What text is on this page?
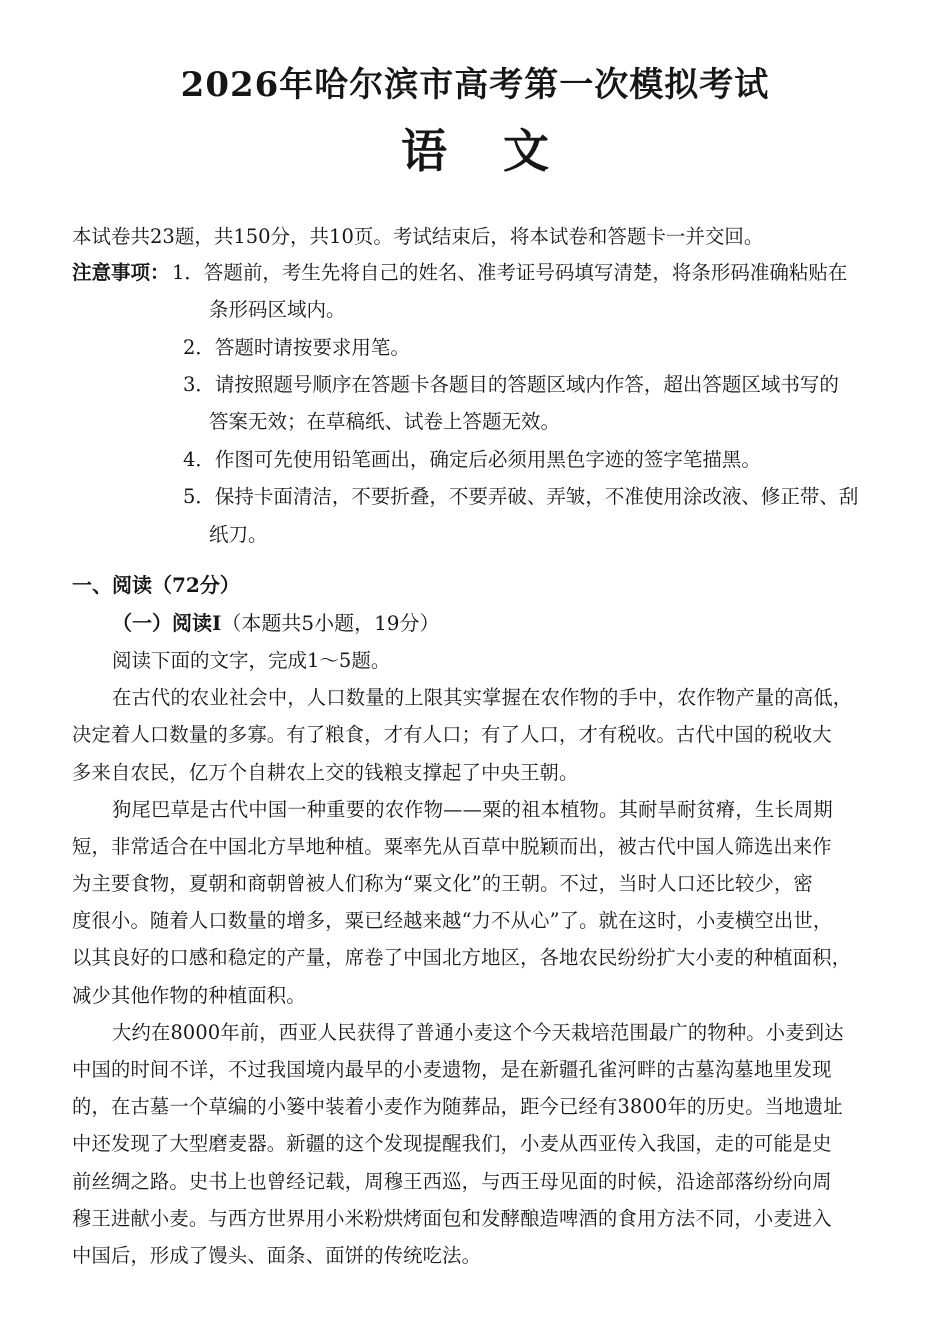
2026年哈尔滨市高考第一次模拟考试
语 文
本试卷共23题，共150分，共10页。考试结束后，将本试卷和答题卡一并交回。
注意事项： 1．答题前，考生先将自己的姓名、准考证号码填写清楚，将条形码准确粘贴在
条形码区域内。
2．答题时请按要求用笔。
3．请按照题号顺序在答题卡各题目的答题区域内作答，超出答题区域书写的
答案无效；在草稿纸、试卷上答题无效。
4．作图可先使用铅笔画出，确定后必须用黑色字迹的签字笔描黑。
5．保持卡面清洁，不要折叠，不要弄破、弄皱，不准使用涂改液、修正带、刮
纸刀。
一、阅读（72分）
（一）阅读Ⅰ（本题共5小题，19分）
阅读下面的文字，完成1～5题。
在古代的农业社会中，人口数量的上限其实掌握在农作物的手中，农作物产量的高低，
决定着人口数量的多寡。有了粮食，才有人口；有了人口，才有税收。古代中国的税收大
多来自农民，亿万个自耕农上交的钱粮支撑起了中央王朝。
狗尾巴草是古代中国一种重要的农作物——粟的祖本植物。其耐旱耐贫瘠，生长周期
短，非常适合在中国北方旱地种植。粟率先从百草中脱颖而出，被古代中国人筛选出来作
为主要食物，夏朝和商朝曾被人们称为“粟文化”的王朝。不过，当时人口还比较少，密
度很小。随着人口数量的增多，粟已经越来越“力不从心”了。就在这时，小麦横空出世，
以其良好的口感和稳定的产量，席卷了中国北方地区，各地农民纷纷扩大小麦的种植面积，
减少其他作物的种植面积。
大约在8000年前，西亚人民获得了普通小麦这个今天栽培范围最广的物种。小麦到达
中国的时间不详，不过我国境内最早的小麦遗物，是在新疆孔雀河畔的古墓沟墓地里发现
的，在古墓一个草编的小篓中装着小麦作为随葬品，距今已经有3800年的历史。当地遗址
中还发现了大型磨麦器。新疆的这个发现提醒我们，小麦从西亚传入我国，走的可能是史
前丝绸之路。史书上也曾经记载，周穆王西巡，与西王母见面的时候，沿途部落纷纷向周
穆王进献小麦。与西方世界用小米粉烘烤面包和发酵酿造啤酒的食用方法不同，小麦进入
中国后，形成了馒头、面条、面饼的传统吃法。
